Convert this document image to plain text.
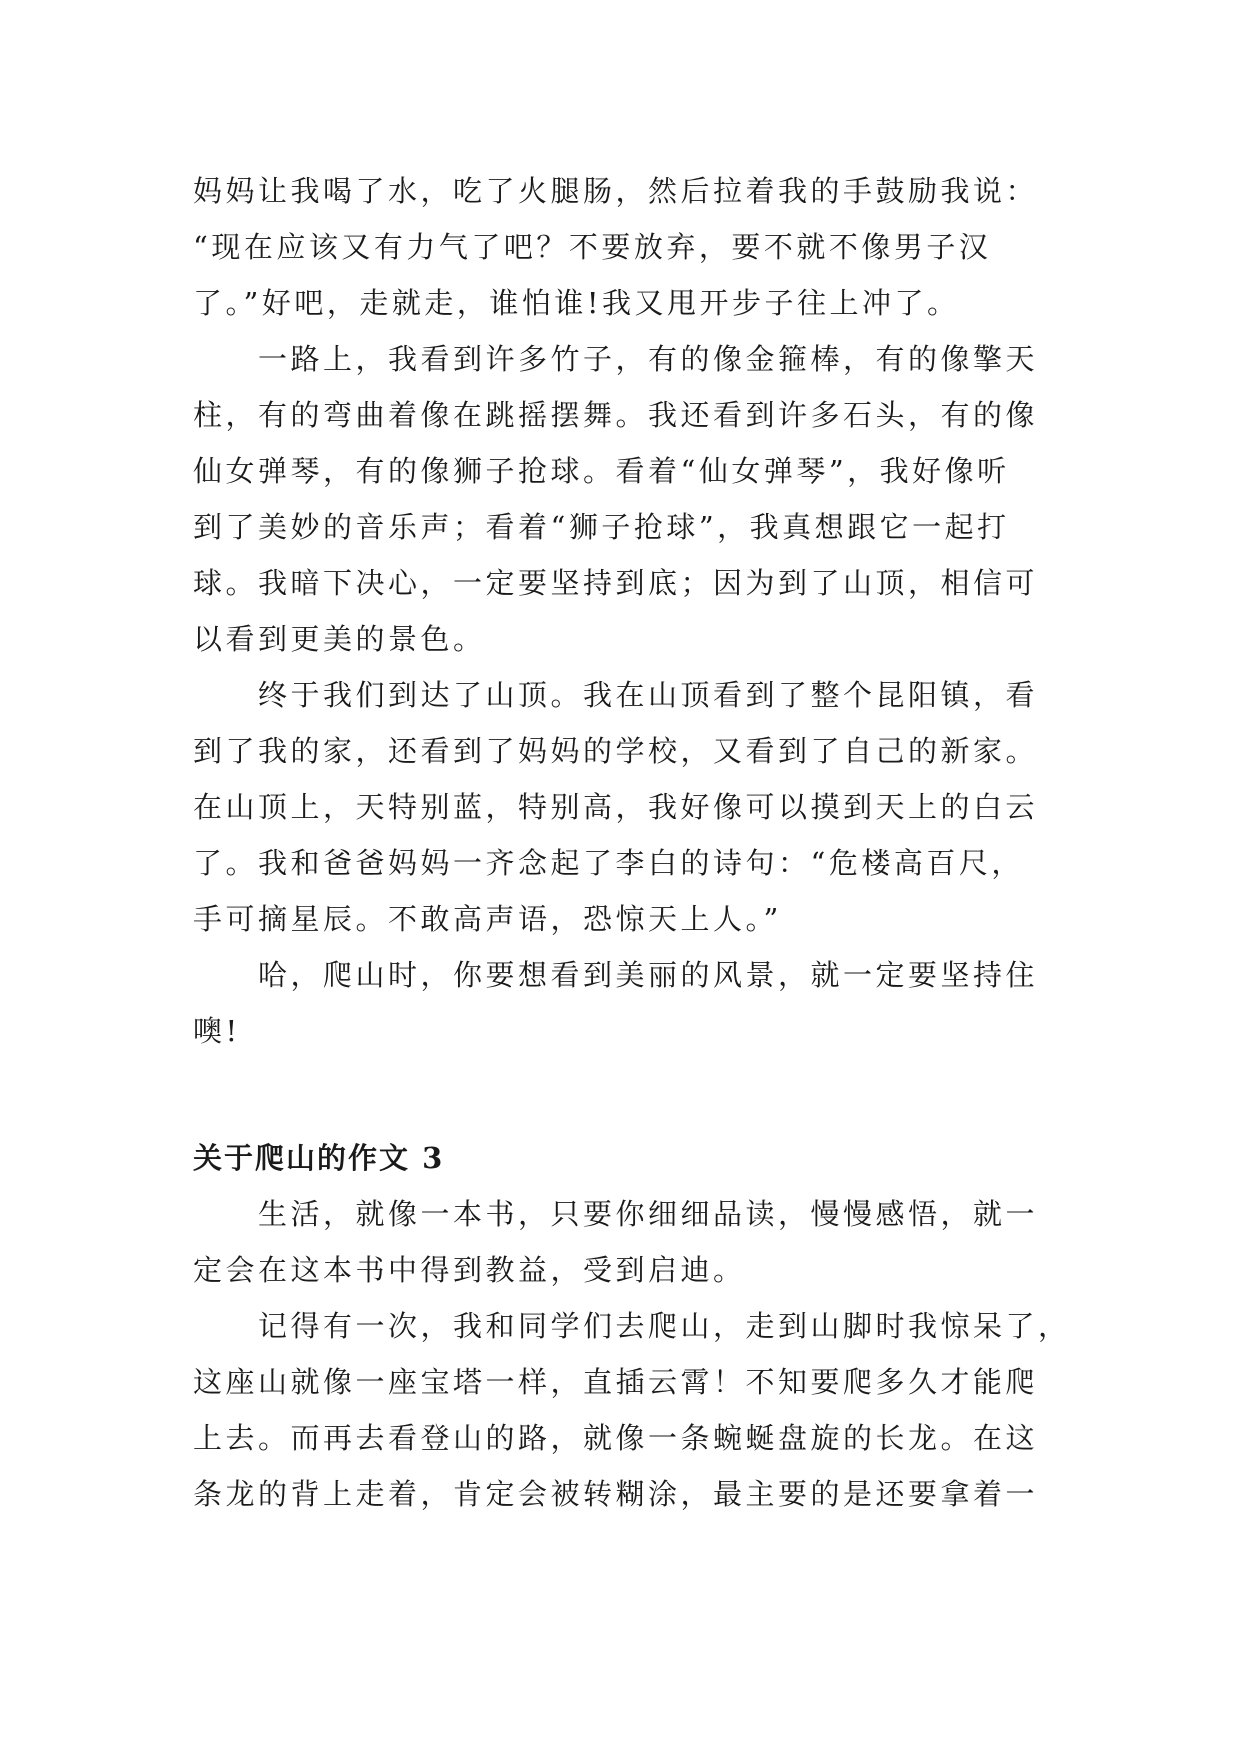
妈妈让我喝了水，吃了火腿肠，然后拉着我的手鼓励我说：
“现在应该又有力气了吧？不要放弃，要不就不像男子汉
了。”好吧，走就走，谁怕谁!我又甩开步子往上冲了。
一路上，我看到许多竹子，有的像金箍棒，有的像擎天
柱，有的弯曲着像在跳摇摆舞。我还看到许多石头，有的像
仙女弹琴，有的像狮子抢球。看着“仙女弹琴”，我好像听
到了美妙的音乐声；看着“狮子抢球”，我真想跟它一起打
球。我暗下决心，一定要坚持到底；因为到了山顶，相信可
以看到更美的景色。
终于我们到达了山顶。我在山顶看到了整个昆阳镇，看
到了我的家，还看到了妈妈的学校，又看到了自己的新家。
在山顶上，天特别蓝，特别高，我好像可以摸到天上的白云
了。我和爸爸妈妈一齐念起了李白的诗句：“危楼高百尺，
手可摘星辰。不敢高声语，恐惊天上人。”
哈，爬山时，你要想看到美丽的风景，就一定要坚持住
噢!
关于爬山的作文 3
生活，就像一本书，只要你细细品读，慢慢感悟，就一
定会在这本书中得到教益，受到启迪。
记得有一次，我和同学们去爬山，走到山脚时我惊呆了，
这座山就像一座宝塔一样，直插云霄！不知要爬多久才能爬
上去。而再去看登山的路，就像一条蜿蜒盘旋的长龙。在这
条龙的背上走着，肯定会被转糊涂，最主要的是还要拿着一
